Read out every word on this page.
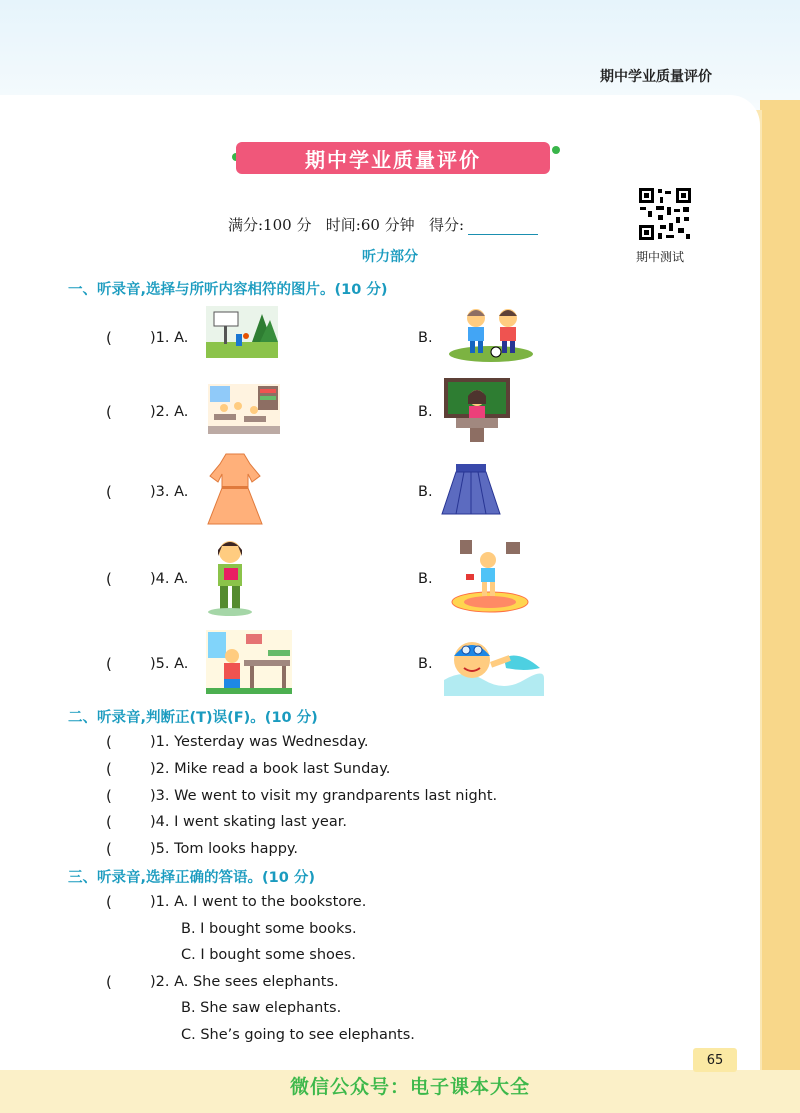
期中学业质量评价
期中学业质量评价
满分:100 分 时间:60 分钟 得分:
期中测试
听力部分
一、听录音,选择与所听内容相符的图片。(10 分)
(	)1. A.	B.
(	)2. A.	B.
(	)3. A.	B.
(	)4. A.	B.
(	)5. A.	B.
二、听录音,判断正(T)误(F)。(10 分)
(	)1. Yesterday was Wednesday.
(	)2. Mike read a book last Sunday.
(	)3. We went to visit my grandparents last night.
(	)4. I went skating last year.
(	)5. Tom looks happy.
三、听录音,选择正确的答语。(10 分)
(	)1. A. I went to the bookstore.
B. I bought some books.
C. I bought some shoes.
(	)2. A. She sees elephants.
B. She saw elephants.
C. She’s going to see elephants.
65
微信公众号：电子课本大全
